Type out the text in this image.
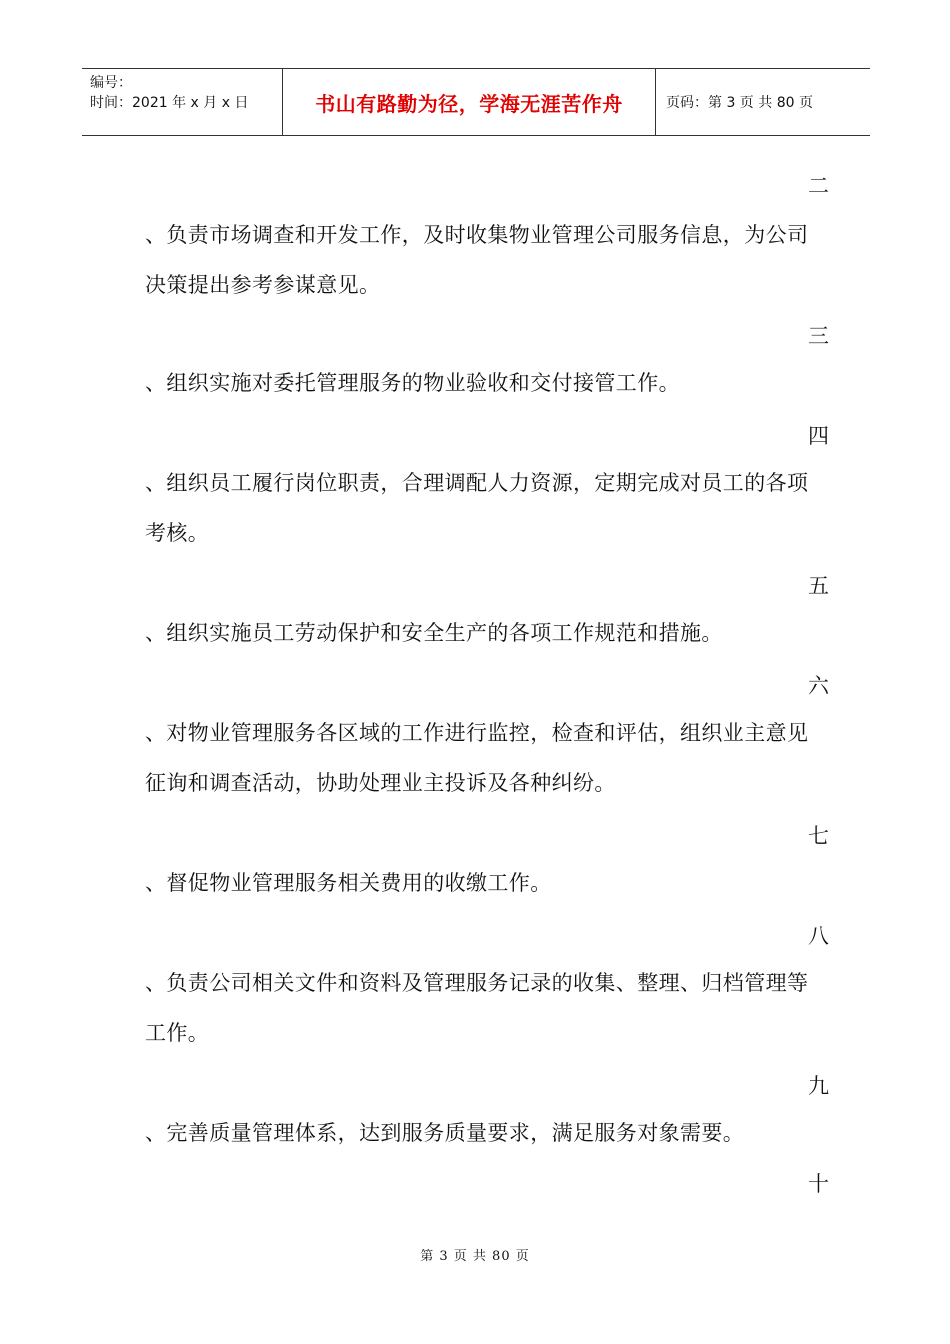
编号：
时间：2021 年 x 月 x 日	书山有路勤为径，学海无涯苦作舟	页码：第 3 页 共 80 页
二
、负责市场调查和开发工作，及时收集物业管理公司服务信息，为公司决策提出参考参谋意见。
三
、组织实施对委托管理服务的物业验收和交付接管工作。
四
、组织员工履行岗位职责，合理调配人力资源，定期完成对员工的各项考核。
五
、组织实施员工劳动保护和安全生产的各项工作规范和措施。
六
、对物业管理服务各区域的工作进行监控，检查和评估，组织业主意见征询和调查活动，协助处理业主投诉及各种纠纷。
七
、督促物业管理服务相关费用的收缴工作。
八
、负责公司相关文件和资料及管理服务记录的收集、整理、归档管理等工作。
九
、完善质量管理体系，达到服务质量要求，满足服务对象需要。
十
第 3 页 共 80 页
